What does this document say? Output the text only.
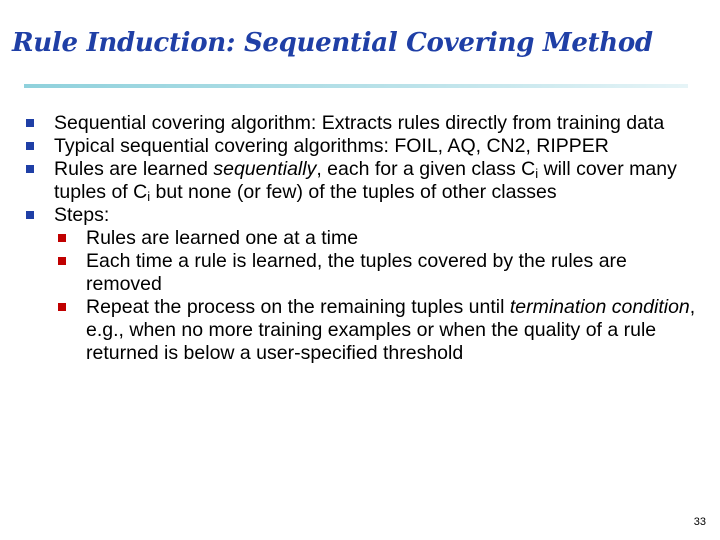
Rule Induction: Sequential Covering Method
Sequential covering algorithm: Extracts rules directly from training data
Typical sequential covering algorithms: FOIL, AQ, CN2, RIPPER
Rules are learned sequentially, each for a given class $C_i$ will cover many tuples of $C_i$ but none (or few) of the tuples of other classes
Steps:
Rules are learned one at a time
Each time a rule is learned, the tuples covered by the rules are removed
Repeat the process on the remaining tuples until termination condition, e.g., when no more training examples or when the quality of a rule returned is below a user-specified threshold
33
